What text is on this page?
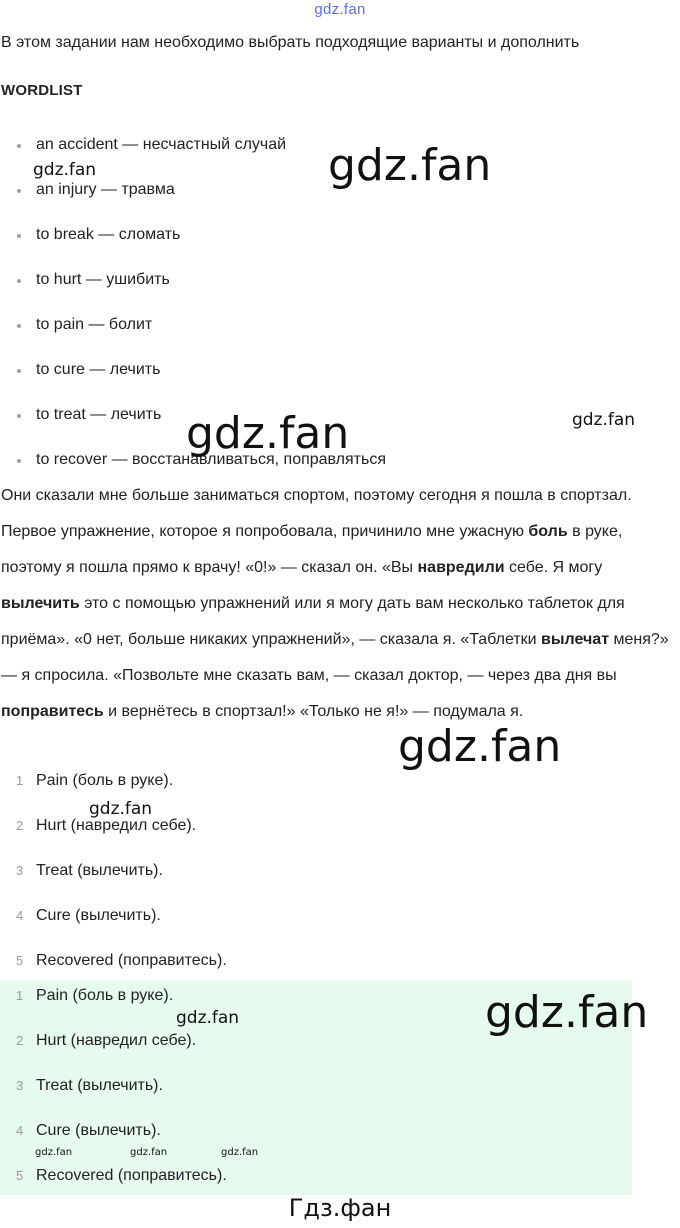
gdz.fan
В этом задании нам необходимо выбрать подходящие варианты и дополнить
WORDLIST
an accident — несчастный случай
an injury — травма
to break — сломать
to hurt — ушибить
to pain — болит
to cure — лечить
to treat — лечить
to recover — восстанавливаться, поправляться
Они сказали мне больше заниматься спортом, поэтому сегодня я пошла в спортзал. Первое упражнение, которое я попробовала, причинило мне ужасную боль в руке, поэтому я пошла прямо к врачу! «0!» — сказал он. «Вы навредили себе. Я могу вылечить это с помощью упражнений или я могу дать вам несколько таблеток для приёма». «0 нет, больше никаких упражнений», — сказала я. «Таблетки вылечат меня?» — я спросила. «Позвольте мне сказать вам, — сказал доктор, — через два дня вы поправитесь и вернётесь в спортзал!» «Только не я!» — подумала я.
1 Pain (боль в руке).
2 Hurt (навредил себе).
3 Treat (вылечить).
4 Cure (вылечить).
5 Recovered (поправитесь).
1 Pain (боль в руке).
2 Hurt (навредил себе).
3 Treat (вылечить).
4 Cure (вылечить).
5 Recovered (поправитесь).
gdz.fan	gdz.fan
gdz.fan	gdz.fan
gdz.fan
gdz.fan
gdz.fan
gdz.fan
gdz.fan	gdz.fan	gdz.fan
Гдз.фан
